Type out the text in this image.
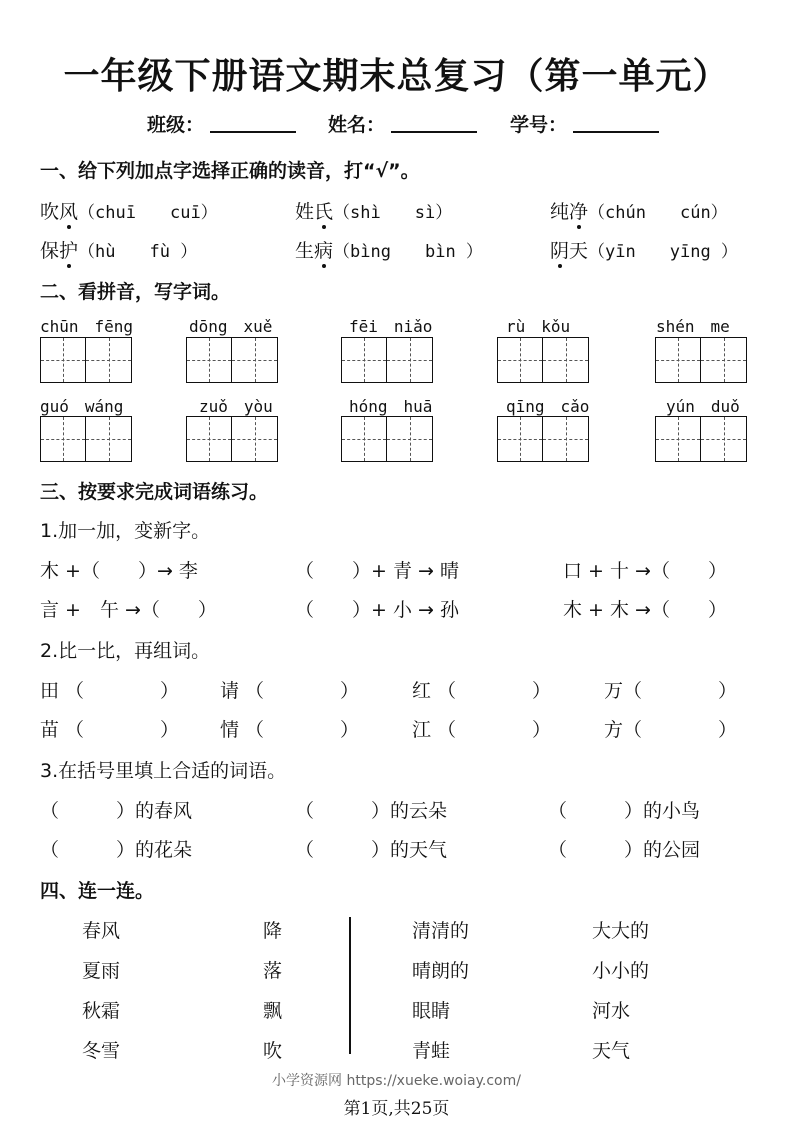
一年级下册语文期末总复习（第一单元）
班级：	姓名：	学号：
一、给下列加点字选择正确的读音，打“√”。
吹风（chuī　　cuī）	姓氏（shì　　sì）	纯净（chún　　cún）
保护（hù　　fù ）	生病（bìng　　bìn ）	阴天（yīn　　yīng ）
二、看拼音，写字词。
chūn　fēng	dōng　xuě	fēi　niǎo	rù　kǒu	shén　me
guó　wáng	zuǒ　yòu	hóng　huā	qīng　cǎo	yún　duǒ
三、按要求完成词语练习。
1.加一加，变新字。
木 +（　　）→ 李	（　　）+ 青 → 晴	口 + 十 →（　　）
言 +　午 →（　　）	（　　）+ 小 → 孙	木 + 木 →（　　）
2.比一比，再组词。
田 （　　　　） 请 （　　　　）	红 （　　　　）	万（　　　　）
苗 （　　　　） 情 （　　　　）	江 （　　　　）	方（　　　　）
3.在括号里填上合适的词语。
（　　　）的春风	（　　　）的云朵	（　　　）的小鸟
（　　　）的花朵	（　　　）的天气	（　　　）的公园
四、连一连。
春风
夏雨
秋霜
冬雪
降
落
飘
吹
清清的
晴朗的
眼睛
青蛙
大大的
小小的
河水
天气
小学资源网 https://xueke.woiay.com/
第1页,共25页
